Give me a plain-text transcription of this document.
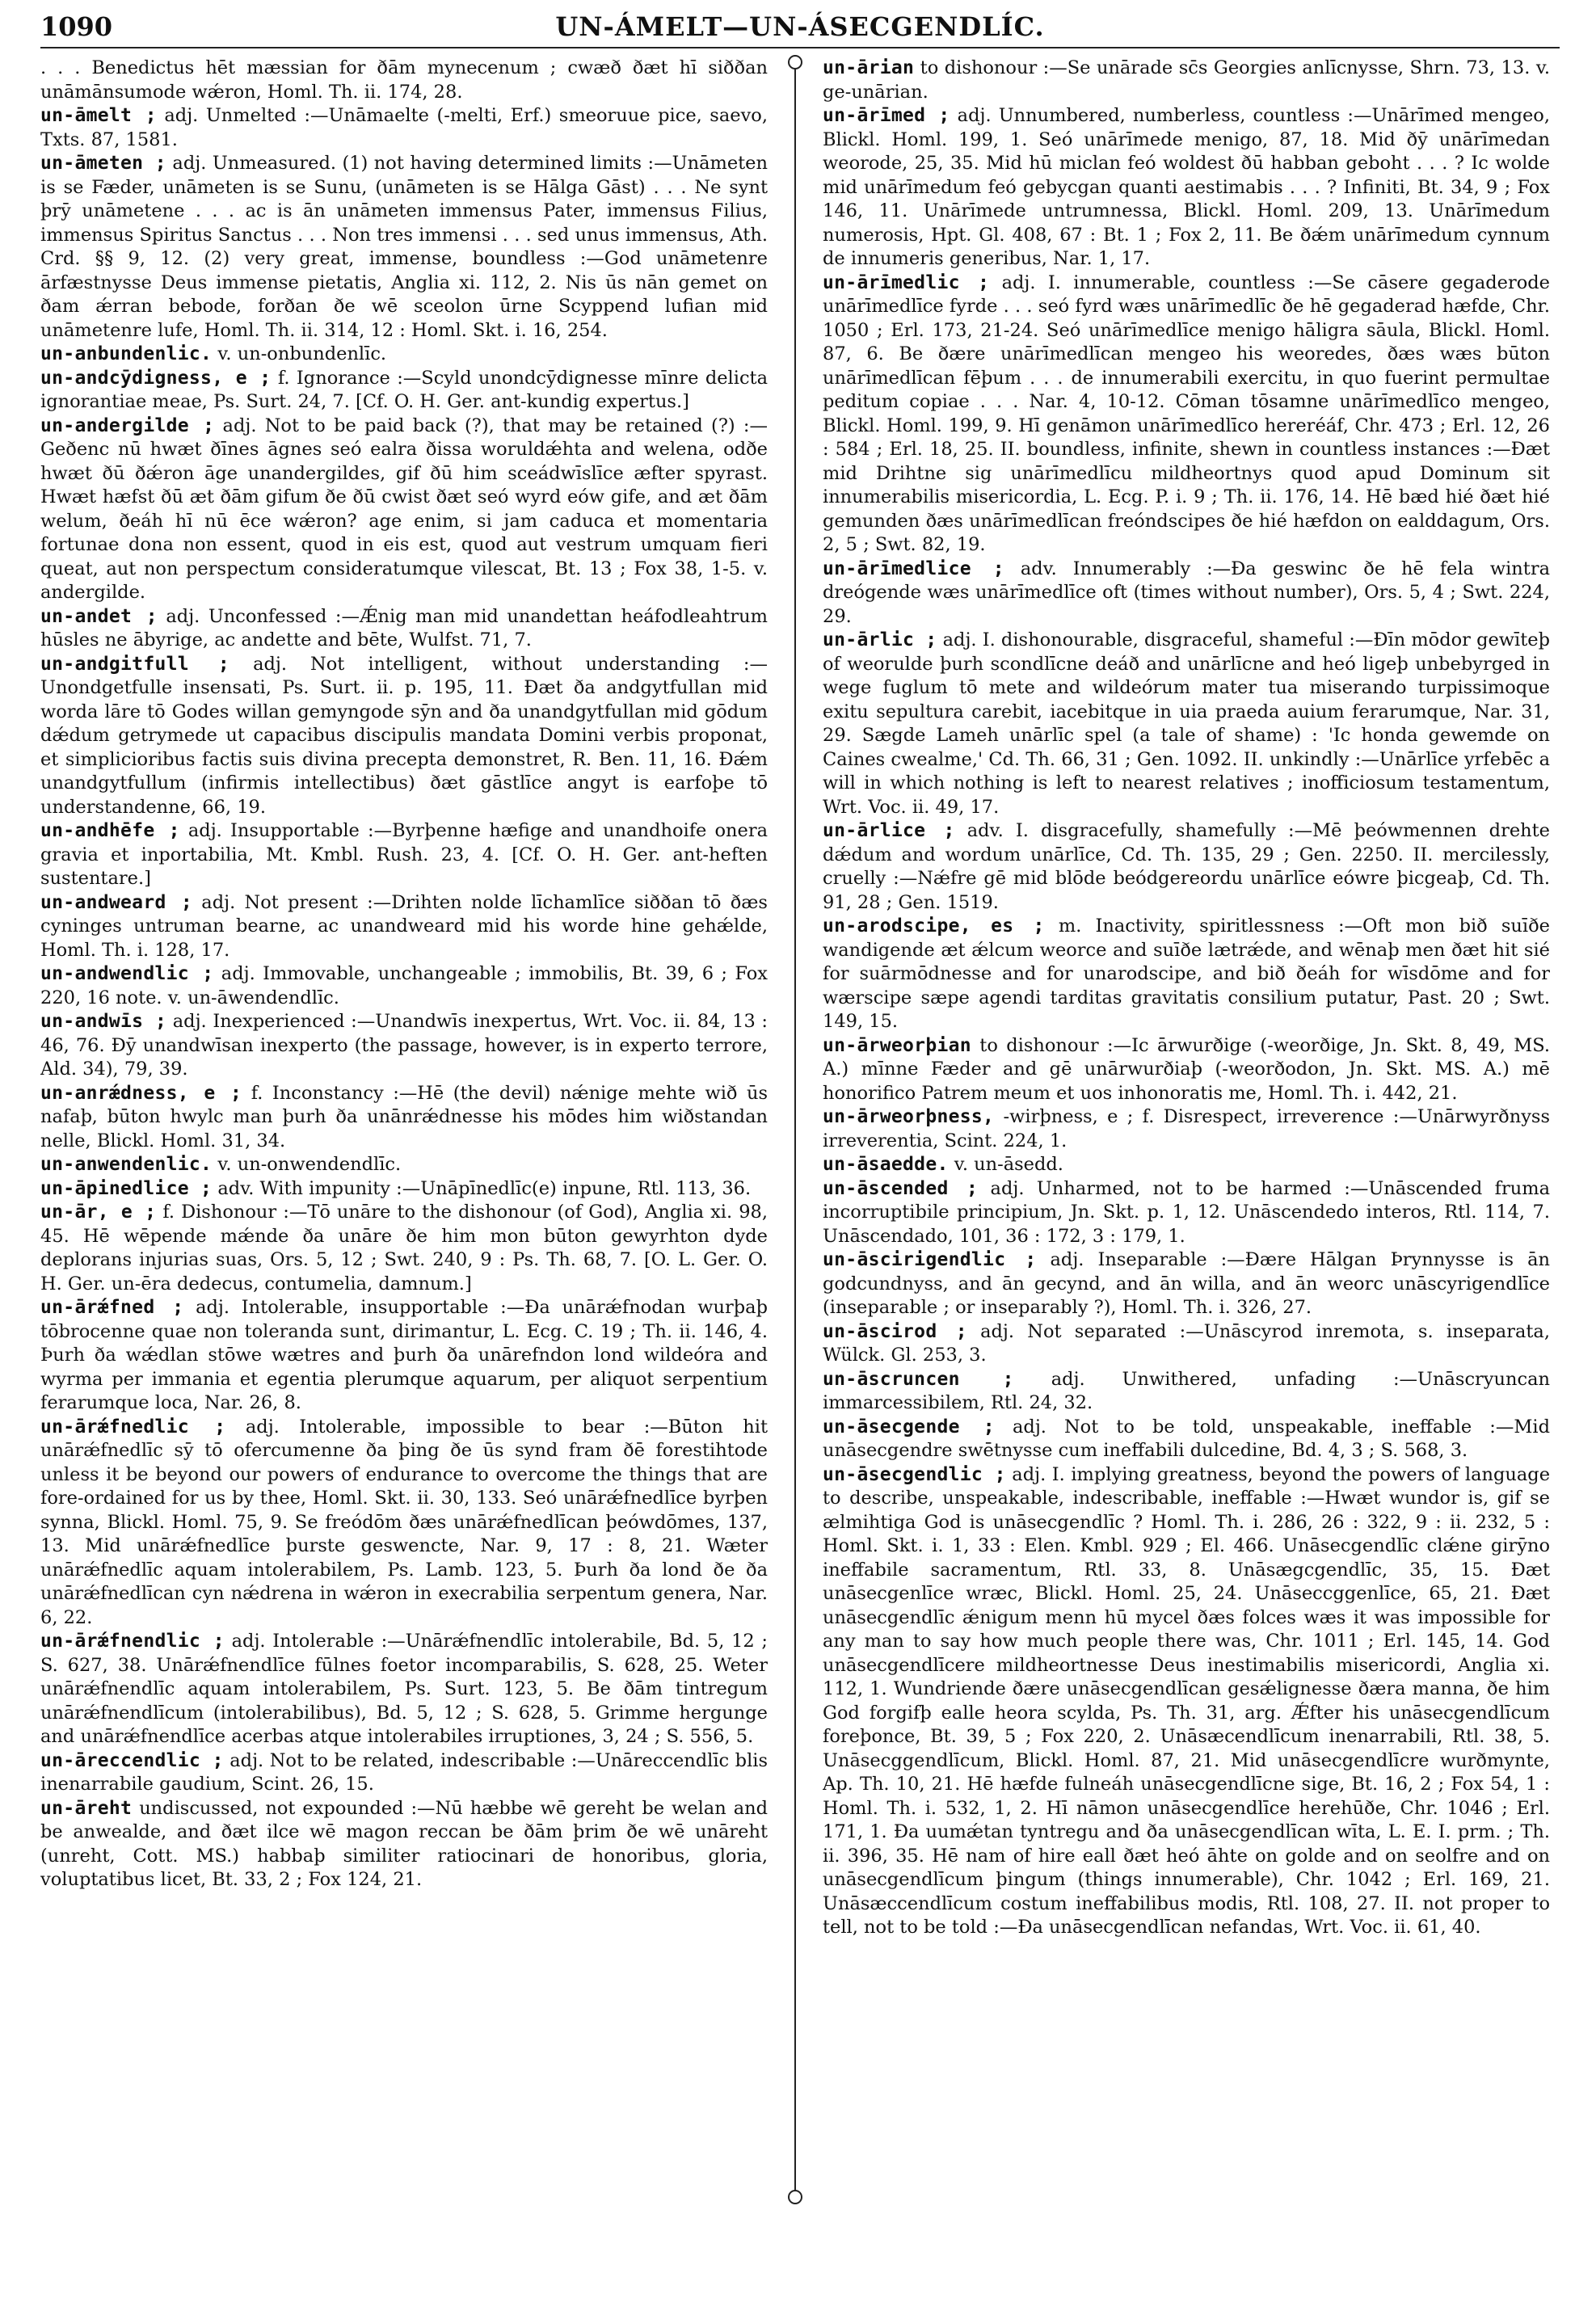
1090	UN-ÁMELT—UN-ÁSECGENDLÍC.

. . . Benedictus hēt mæssian for ðām mynecenum ; cwæð ðæt hī siððan unāmānsumode wǽron, Homl. Th. ii. 174, 28.

un-āmelt ; adj. Unmelted :—Unāmaelte (-melti, Erf.) smeoruue pice, saevo, Txts. 87, 1581.

un-āmeten ; adj. Unmeasured. (1) not having determined limits :—Unāmeten is se Fæder, unāmeten is se Sunu, (unāmeten is se Hālga Gāst) . . . Ne synt þrȳ unāmetene . . . ac is ān unāmeten immensus Pater, immensus Filius, immensus Spiritus Sanctus . . . Non tres immensi . . . sed unus immensus, Ath. Crd. §§ 9, 12. (2) very great, immense, boundless :—God unāmetenre ārfæstnysse Deus immense pietatis, Anglia xi. 112, 2. Nis ūs nān gemet on ðam ǽrran bebode, forðan ðe wē sceolon ūrne Scyppend lufian mid unāmetenre lufe, Homl. Th. ii. 314, 12 : Homl. Skt. i. 16, 254.

un-anbundenlic. v. un-onbundenlīc.

un-andcȳdigness, e ; f. Ignorance :—Scyld unondcȳdignesse mīnre delicta ignorantiae meae, Ps. Surt. 24, 7. [Cf. O. H. Ger. ant-kundig expertus.]

un-andergilde ; adj. Not to be paid back (?), that may be retained (?) :—Geðenc nū hwæt ðīnes āgnes seó ealra ðissa woruldǽhta and welena, odðe hwæt ðū ðǽron āge unandergildes, gif ðū him sceádwīslīce æfter spyrast. Hwæt hæfst ðū æt ðām gifum ðe ðū cwist ðæt seó wyrd eów gife, and æt ðām welum, ðeáh hī nū ēce wǽron? age enim, si jam caduca et momentaria fortunae dona non essent, quod in eis est, quod aut vestrum umquam fieri queat, aut non perspectum consideratumque vilescat, Bt. 13 ; Fox 38, 1-5. v. andergilde.

un-andet ; adj. Unconfessed :—Ǽnig man mid unandettan heáfodleahtrum hūsles ne ābyrige, ac andette and bēte, Wulfst. 71, 7.

un-andgitfull ; adj. Not intelligent, without understanding :—Unondgetfulle insensati, Ps. Surt. ii. p. 195, 11. Ðæt ða andgytfullan mid worda lāre tō Godes willan gemyngode sȳn and ða unandgytfullan mid gōdum dǽdum getrymede ut capacibus discipulis mandata Domini verbis proponat, et simplicioribus factis suis divina precepta demonstret, R. Ben. 11, 16. Ðǽm unandgytfullum (infirmis intellectibus) ðæt gāstlīce angyt is earfoþe tō understandenne, 66, 19.

un-andhēfe ; adj. Insupportable :—Byrþenne hæfige and unandhoife onera gravia et inportabilia, Mt. Kmbl. Rush. 23, 4. [Cf. O. H. Ger. ant-heften sustentare.]

un-andweard ; adj. Not present :—Drihten nolde līchamlīce siððan tō ðæs cyninges untruman bearne, ac unandweard mid his worde hine gehǽlde, Homl. Th. i. 128, 17.

un-andwendlic ; adj. Immovable, unchangeable ; immobilis, Bt. 39, 6 ; Fox 220, 16 note. v. un-āwendendlīc.

un-andwīs ; adj. Inexperienced :—Unandwīs inexpertus, Wrt. Voc. ii. 84, 13 : 46, 76. Ðȳ unandwīsan inexperto (the passage, however, is in experto terrore, Ald. 34), 79, 39.

un-anrǽdness, e ; f. Inconstancy :—Hē (the devil) nǽnige mehte wið ūs nafaþ, būton hwylc man þurh ða unānrǽdnesse his mōdes him wiðstandan nelle, Blickl. Homl. 31, 34.

un-anwendenlic. v. un-onwendendlīc.

un-āpinedlice ; adv. With impunity :—Unāpīnedlīc(e) inpune, Rtl. 113, 36.

un-ār, e ; f. Dishonour :—Tō unāre to the dishonour (of God), Anglia xi. 98, 45. Hē wēpende mǽnde ða unāre ðe him mon būton gewyrhton dyde deplorans injurias suas, Ors. 5, 12 ; Swt. 240, 9 : Ps. Th. 68, 7. [O. L. Ger. O. H. Ger. un-ēra dedecus, contumelia, damnum.]

un-ārǽfned ; adj. Intolerable, insupportable :—Ða unārǽfnodan wurþaþ tōbrocenne quae non toleranda sunt, dirimantur, L. Ecg. C. 19 ; Th. ii. 146, 4. Þurh ða wǽdlan stōwe wætres and þurh ða unārefndon lond wildeóra and wyrma per immania et egentia plerumque aquarum, per aliquot serpentium ferarumque loca, Nar. 26, 8.

un-ārǽfnedlic ; adj. Intolerable, impossible to bear :—Būton hit unārǽfnedlīc sȳ tō ofercumenne ða þing ðe ūs synd fram ðē forestihtode unless it be beyond our powers of endurance to overcome the things that are fore-ordained for us by thee, Homl. Skt. ii. 30, 133. Seó unārǽfnedlīce byrþen synna, Blickl. Homl. 75, 9. Se freódōm ðæs unārǽfnedlīcan þeówdōmes, 137, 13. Mid unārǽfnedlīce þurste geswencte, Nar. 9, 17 : 8, 21. Wæter unārǽfnedlīc aquam intolerabilem, Ps. Lamb. 123, 5. Þurh ða lond ðe ða unārǽfnedlīcan cyn nǽdrena in wǽron in execrabilia serpentum genera, Nar. 6, 22.

un-ārǽfnendlic ; adj. Intolerable :—Unārǽfnendlīc intolerabile, Bd. 5, 12 ; S. 627, 38. Unārǽfnendlīce fūlnes foetor incomparabilis, S. 628, 25. Weter unārǽfnendlīc aquam intolerabilem, Ps. Surt. 123, 5. Be ðām tintregum unārǽfnendlīcum (intolerabilibus), Bd. 5, 12 ; S. 628, 5. Grimme hergunge and unārǽfnendlīce acerbas atque intolerabiles irruptiones, 3, 24 ; S. 556, 5.

un-āreccendlic ; adj. Not to be related, indescribable :—Unāreccendlīc blis inenarrabile gaudium, Scint. 26, 15.

un-āreht undiscussed, not expounded :—Nū hæbbe wē gereht be welan and be anwealde, and ðæt ilce wē magon reccan be ðām þrim ðe wē unāreht (unreht, Cott. MS.) habbaþ similiter ratiocinari de honoribus, gloria, voluptatibus licet, Bt. 33, 2 ; Fox 124, 21.

un-ārian to dishonour :—Se unārade sc̄s Georgies anlīcnysse, Shrn. 73, 13. v. ge-unārian.

un-ārīmed ; adj. Unnumbered, numberless, countless :—Unārīmed mengeo, Blickl. Homl. 199, 1. Seó unārīmede menigo, 87, 18. Mid ðȳ unārīmedan weorode, 25, 35. Mid hū miclan feó woldest ðū habban geboht . . . ? Ic wolde mid unārīmedum feó gebycgan quanti aestimabis . . . ? Infiniti, Bt. 34, 9 ; Fox 146, 11. Unārīmede untrumnessa, Blickl. Homl. 209, 13. Unārīmedum numerosis, Hpt. Gl. 408, 67 : Bt. 1 ; Fox 2, 11. Be ðǽm unārīmedum cynnum de innumeris generibus, Nar. 1, 17.

un-ārīmedlic ; adj. I. innumerable, countless :—Se cāsere gegaderode unārīmedlīce fyrde . . . seó fyrd wæs unārīmedlīc ðe hē gegaderad hæfde, Chr. 1050 ; Erl. 173, 21-24. Seó unārīmedlīce menigo hāligra sāula, Blickl. Homl. 87, 6. Be ðære unārīmedlīcan mengeo his weoredes, ðæs wæs būton unārīmedlīcan fēþum . . . de innumerabili exercitu, in quo fuerint permultae peditum copiae . . . Nar. 4, 10-12. Cōman tōsamne unārīmedlīco mengeo, Blickl. Homl. 199, 9. Hī genāmon unārīmedlīco hereréáf, Chr. 473 ; Erl. 12, 26 : 584 ; Erl. 18, 25. II. boundless, infinite, shewn in countless instances :—Ðæt mid Drihtne sig unārīmedlīcu mildheortnys quod apud Dominum sit innumerabilis misericordia, L. Ecg. P. i. 9 ; Th. ii. 176, 14. Hē bæd hié ðæt hié gemunden ðæs unārīmedlīcan freóndscipes ðe hié hæfdon on ealddagum, Ors. 2, 5 ; Swt. 82, 19.

un-ārīmedlice ; adv. Innumerably :—Ða geswinc ðe hē fela wintra dreógende wæs unārīmedlīce oft (times without number), Ors. 5, 4 ; Swt. 224, 29.

un-ārlic ; adj. I. dishonourable, disgraceful, shameful :—Ðīn mōdor gewīteþ of weorulde þurh scondlīcne deáð and unārlīcne and heó ligeþ unbebyrged in wege fuglum tō mete and wildeórum mater tua miserando turpissimoque exitu sepultura carebit, iacebitque in uia praeda auium ferarumque, Nar. 31, 29. Sægde Lameh unārlīc spel (a tale of shame) : 'Ic honda gewemde on Caines cwealme,' Cd. Th. 66, 31 ; Gen. 1092. II. unkindly :—Unārlīce yrfebēc a will in which nothing is left to nearest relatives ; inofficiosum testamentum, Wrt. Voc. ii. 49, 17.

un-ārlice ; adv. I. disgracefully, shamefully :—Mē þeówmennen drehte dǽdum and wordum unārlīce, Cd. Th. 135, 29 ; Gen. 2250. II. mercilessly, cruelly :—Nǽfre gē mid blōde beódgereordu unārlīce eówre þicgeaþ, Cd. Th. 91, 28 ; Gen. 1519.

un-arodscipe, es ; m. Inactivity, spiritlessness :—Oft mon bið suīðe wandigende æt ǽlcum weorce and suīðe lætrǽde, and wēnaþ men ðæt hit sié for suārmōdnesse and for unarodscipe, and bið ðeáh for wīsdōme and for wærscipe sæpe agendi tarditas gravitatis consilium putatur, Past. 20 ; Swt. 149, 15.

un-ārweorþian to dishonour :—Ic ārwurðige (-weorðige, Jn. Skt. 8, 49, MS. A.) mīnne Fæder and gē unārwurðiaþ (-weorðodon, Jn. Skt. MS. A.) mē honorifico Patrem meum et uos inhonoratis me, Homl. Th. i. 442, 21.

un-ārweorþness, -wirþness, e ; f. Disrespect, irreverence :—Unārwyrðnyss irreverentia, Scint. 224, 1.

un-āsaedde. v. un-āsedd.

un-āscended ; adj. Unharmed, not to be harmed :—Unāscended fruma incorruptibile principium, Jn. Skt. p. 1, 12. Unāscendedo interos, Rtl. 114, 7. Unāscendado, 101, 36 : 172, 3 : 179, 1.

un-āscirigendlic ; adj. Inseparable :—Ðære Hālgan Þrynnysse is ān godcundnyss, and ān gecynd, and ān willa, and ān weorc unāscyrigendlīce (inseparable ; or inseparably ?), Homl. Th. i. 326, 27.

un-āscirod ; adj. Not separated :—Unāscyrod inremota, s. inseparata, Wülck. Gl. 253, 3.

un-āscruncen ; adj. Unwithered, unfading :—Unāscryuncan immarcessibilem, Rtl. 24, 32.

un-āsecgende ; adj. Not to be told, unspeakable, ineffable :—Mid unāsecgendre swētnysse cum ineffabili dulcedine, Bd. 4, 3 ; S. 568, 3.

un-āsecgendlic ; adj. I. implying greatness, beyond the powers of language to describe, unspeakable, indescribable, ineffable :—Hwæt wundor is, gif se ælmihtiga God is unāsecgendlīc ? Homl. Th. i. 286, 26 : 322, 9 : ii. 232, 5 : Homl. Skt. i. 1, 33 : Elen. Kmbl. 929 ; El. 466. Unāsecgendlīc clǽne girȳno ineffabile sacramentum, Rtl. 33, 8. Unāsægcgendlīc, 35, 15. Ðæt unāsecgenlīce wræc, Blickl. Homl. 25, 24. Unāseccggenlīce, 65, 21. Ðæt unāsecgendlīc ǽnigum menn hū mycel ðæs folces wæs it was impossible for any man to say how much people there was, Chr. 1011 ; Erl. 145, 14. God unāsecgendlīcere mildheortnesse Deus inestimabilis misericordi, Anglia xi. 112, 1. Wundriende ðære unāsecgendlīcan gesǽlignesse ðæra manna, ðe him God forgifþ ealle heora scylda, Ps. Th. 31, arg. Ǽfter his unāsecgendlīcum foreþonce, Bt. 39, 5 ; Fox 220, 2. Unāsæcendlīcum inenarrabili, Rtl. 38, 5. Unāsecggendlīcum, Blickl. Homl. 87, 21. Mid unāsecgendlīcre wurðmynte, Ap. Th. 10, 21. Hē hæfde fulneáh unāsecgendlīcne sige, Bt. 16, 2 ; Fox 54, 1 : Homl. Th. i. 532, 1, 2. Hī nāmon unāsecgendlīce herehūðe, Chr. 1046 ; Erl. 171, 1. Ða uumǽtan tyntregu and ða unāsecgendlīcan wīta, L. E. I. prm. ; Th. ii. 396, 35. Hē nam of hire eall ðæt heó āhte on golde and on seolfre and on unāsecgendlīcum þingum (things innumerable), Chr. 1042 ; Erl. 169, 21. Unāsæccendlīcum costum ineffabilibus modis, Rtl. 108, 27. II. not proper to tell, not to be told :—Ða unāsecgendlīcan nefandas, Wrt. Voc. ii. 61, 40.
